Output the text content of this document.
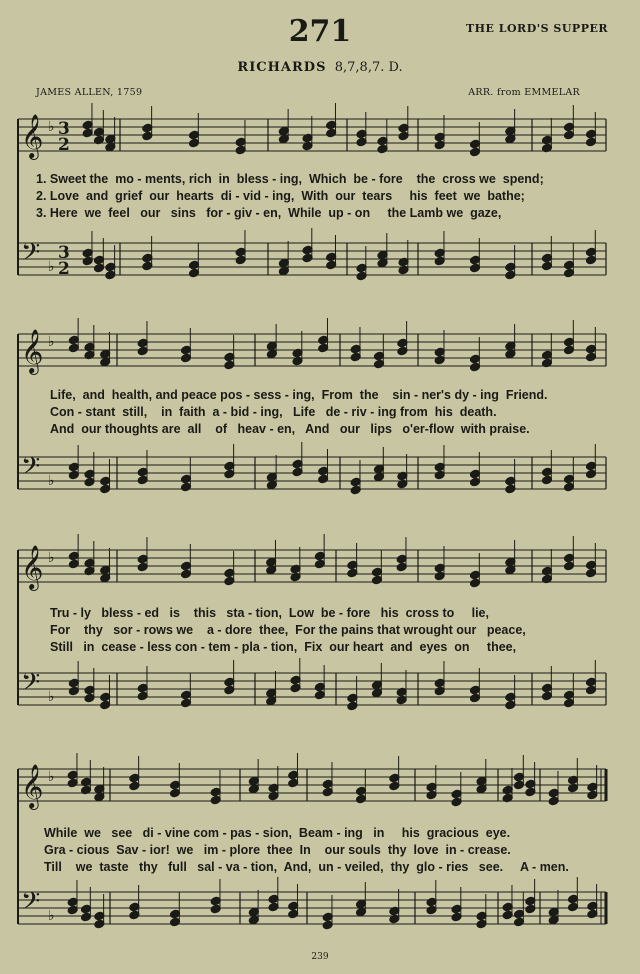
271	THE LORD'S SUPPER
RICHARDS 8,7,8,7. D.
JAMES ALLEN, 1759	ARR. from EMMELAR
𝄞 ♭ 3
2
𝄢 ♭
3
2
𝄞 ♭
𝄢 ♭
𝄞 ♭
𝄢 ♭
𝄞 ♭
𝄢 ♭
1. Sweet the  mo - ments, rich  in  bless - ing,  Which  be - fore    the  cross we  spend;
2. Love  and  grief  our  hearts  di - vid - ing,  With  our  tears     his  feet  we  bathe;
3. Here  we  feel   our   sins   for - giv - en,  While  up - on     the Lamb we  gaze,
Life,  and  health, and peace pos - sess - ing,  From  the    sin - ner's dy - ing  Friend.
Con - stant  still,    in  faith  a - bid - ing,   Life   de - riv - ing from  his  death.
And  our thoughts are  all    of   heav - en,   And   our   lips   o'er-flow  with praise.
Tru - ly   bless - ed   is    this   sta - tion,  Low  be - fore   his  cross to     lie,
For    thy   sor - rows we    a - dore  thee,  For the pains that wrought our   peace,
Still   in  cease - less con - tem - pla - tion,  Fix  our heart  and  eyes  on     thee,
While  we   see   di - vine com - pas - sion,  Beam - ing   in     his  gracious  eye.
Gra - cious  Sav - ior!  we   im - plore  thee  In    our souls  thy  love  in - crease.
Till    we  taste   thy   full   sal - va - tion,  And,  un - veiled,  thy  glo - ries   see.     A - men.
239
